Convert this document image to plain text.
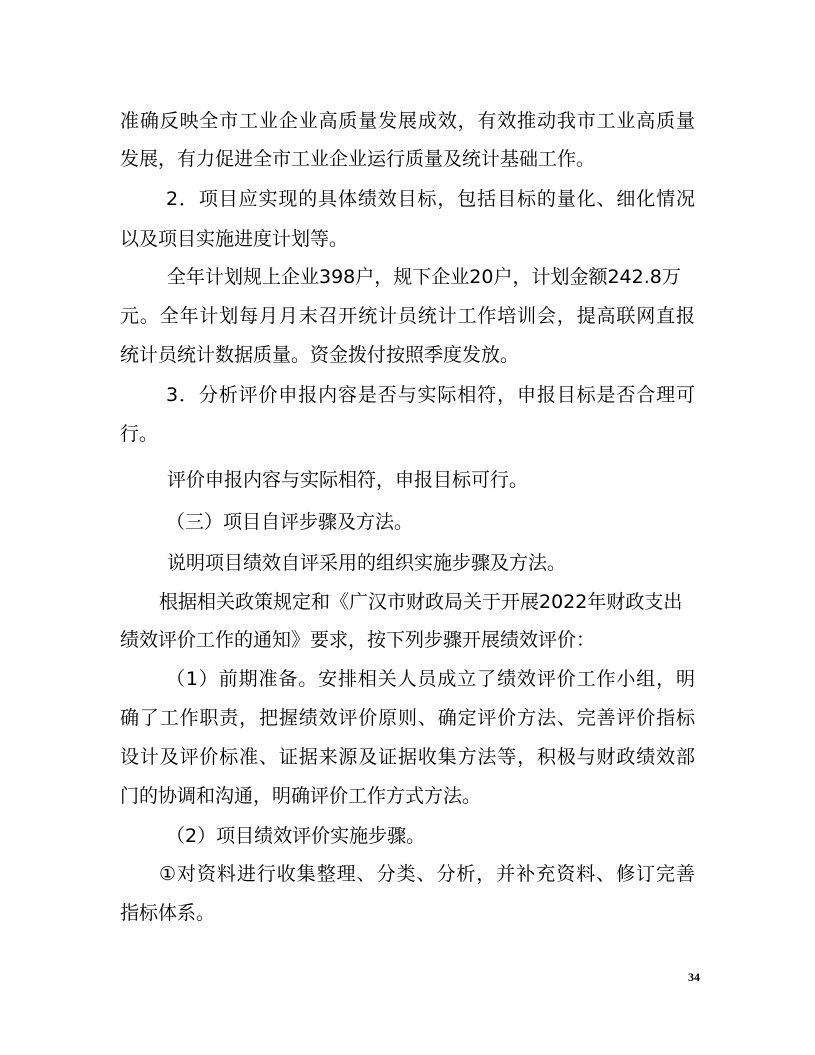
准确反映全市工业企业高质量发展成效，有效推动我市工业高质量
发展，有力促进全市工业企业运行质量及统计基础工作。
2．项目应实现的具体绩效目标，包括目标的量化、细化情况
以及项目实施进度计划等。
全年计划规上企业398户，规下企业20户，计划金额242.8万
元。全年计划每月月末召开统计员统计工作培训会，提高联网直报
统计员统计数据质量。资金拨付按照季度发放。
3．分析评价申报内容是否与实际相符，申报目标是否合理可
行。
评价申报内容与实际相符，申报目标可行。
（三）项目自评步骤及方法。
说明项目绩效自评采用的组织实施步骤及方法。
根据相关政策规定和《广汉市财政局关于开展2022年财政支出
绩效评价工作的通知》要求，按下列步骤开展绩效评价：
（1）前期准备。安排相关人员成立了绩效评价工作小组，明
确了工作职责，把握绩效评价原则、确定评价方法、完善评价指标
设计及评价标准、证据来源及证据收集方法等，积极与财政绩效部
门的协调和沟通，明确评价工作方式方法。
（2）项目绩效评价实施步骤。
①对资料进行收集整理、分类、分析，并补充资料、修订完善
指标体系。
34
